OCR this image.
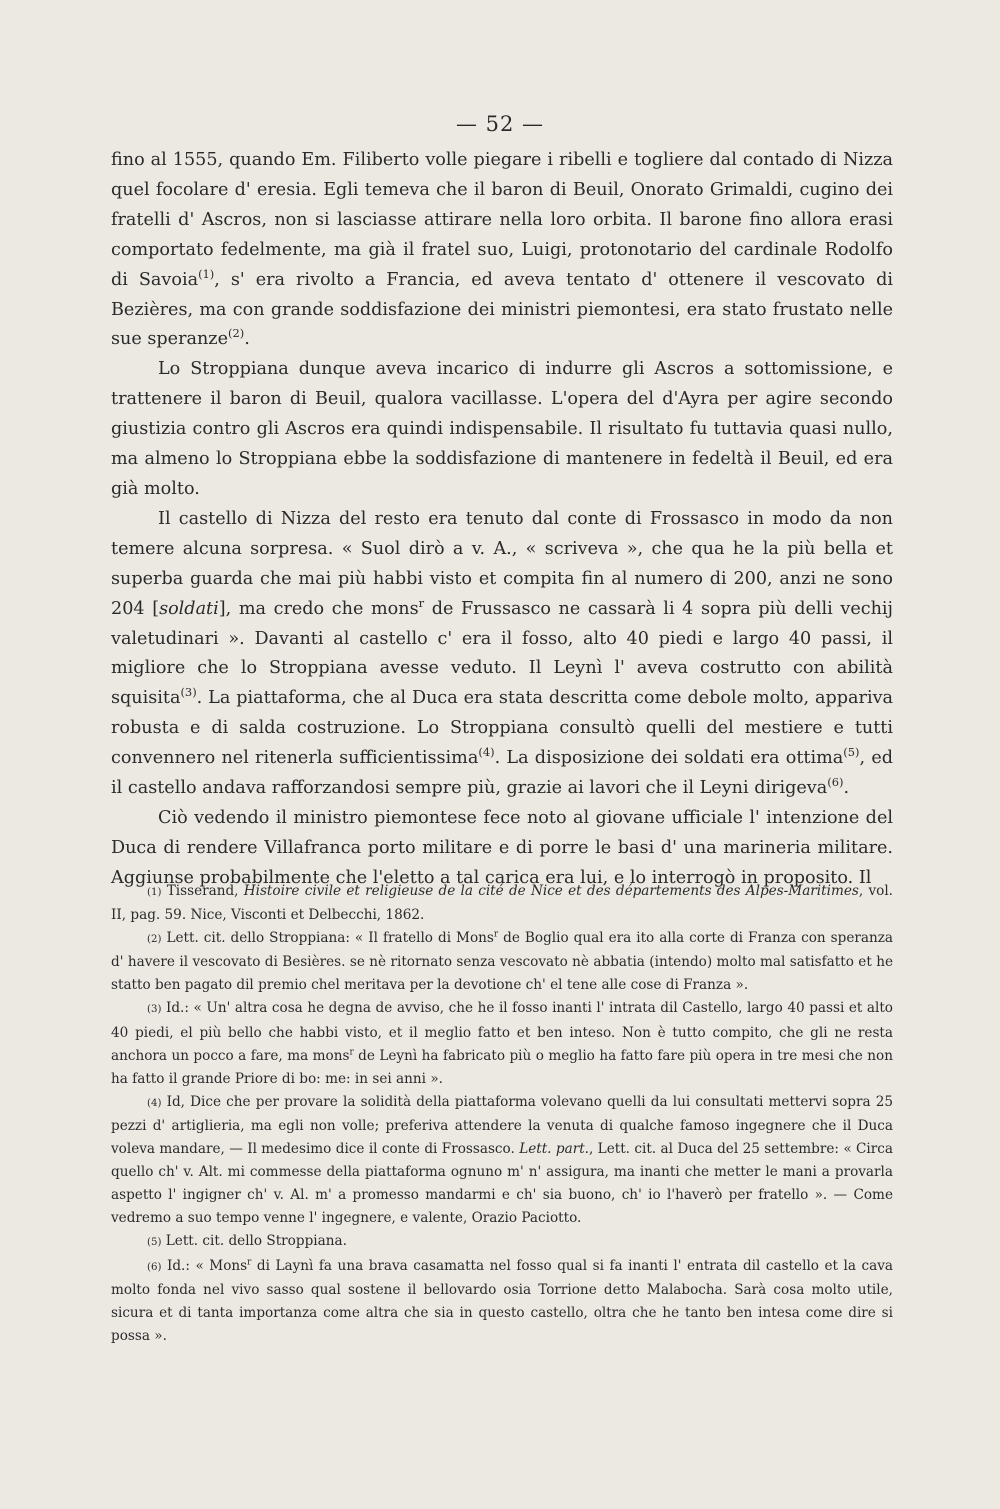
— 52 —

fino al 1555, quando Em. Filiberto volle piegare i ribelli e togliere dal contado di Nizza quel focolare d' eresia. Egli temeva che il baron di Beuil, Onorato Grimaldi, cugino dei fratelli d' Ascros, non si lasciasse attirare nella loro orbita. Il barone fino allora erasi comportato fedelmente, ma già il fratel suo, Luigi, protonotario del cardinale Rodolfo di Savoia$^{(1)}$, s' era rivolto a Francia, ed aveva tentato d' ottenere il vescovato di Bezières, ma con grande soddisfazione dei ministri piemontesi, era stato frustato nelle sue speranze$^{(2)}$.

Lo Stroppiana dunque aveva incarico di indurre gli Ascros a sottomissione, e trattenere il baron di Beuil, qualora vacillasse. L'opera del d'Ayra per agire secondo giustizia contro gli Ascros era quindi indispensabile. Il risultato fu tuttavia quasi nullo, ma almeno lo Stroppiana ebbe la soddisfazione di mantenere in fedeltà il Beuil, ed era già molto.

Il castello di Nizza del resto era tenuto dal conte di Frossasco in modo da non temere alcuna sorpresa. « Suol dirò a v. A., « scriveva », che qua he la più bella et superba guarda che mai più habbi visto et compita fin al numero di 200, anzi ne sono 204 [soldati], ma credo che mons$^r$ de Frussasco ne cassarà li 4 sopra più delli vechij valetudinari ». Davanti al castello c' era il fosso, alto 40 piedi e largo 40 passi, il migliore che lo Stroppiana avesse veduto. Il Leynì l' aveva costrutto con abilità squisita$^{(3)}$. La piattaforma, che al Duca era stata descritta come debole molto, appariva robusta e di salda costruzione. Lo Stroppiana consultò quelli del mestiere e tutti convennero nel ritenerla sufficientissima$^{(4)}$. La disposizione dei soldati era ottima$^{(5)}$, ed il castello andava rafforzandosi sempre più, grazie ai lavori che il Leyni dirigeva$^{(6)}$.

Ciò vedendo il ministro piemontese fece noto al giovane ufficiale l' intenzione del Duca di rendere Villafranca porto militare e di porre le basi d' una marineria militare. Aggiunse probabilmente che l'eletto a tal carica era lui, e lo interrogò in proposito. Il

(1) Tisserand, Histoire civile et religieuse de la cité de Nice et des départements des Alpes-Maritimes, vol. II, pag. 59. Nice, Visconti et Delbecchi, 1862.

(2) Lett. cit. dello Stroppiana: « Il fratello di Mons$^r$ de Boglio qual era ito alla corte di Franza con speranza d' havere il vescovato di Besières. se nè ritornato senza vescovato nè abbatia (intendo) molto mal satisfatto et he statto ben pagato dil premio chel meritava per la devotione ch' el tene alle cose di Franza ».

(3) Id.: « Un' altra cosa he degna de avviso, che he il fosso inanti l' intrata dil Castello, largo 40 passi et alto 40 piedi, el più bello che habbi visto, et il meglio fatto et ben inteso. Non è tutto compito, che gli ne resta anchora un pocco a fare, ma mons$^r$ de Leynì ha fabricato più o meglio ha fatto fare più opera in tre mesi che non ha fatto il grande Priore di bo: me: in sei anni ».

(4) Id, Dice che per provare la solidità della piattaforma volevano quelli da lui consultati mettervi sopra 25 pezzi d' artiglieria, ma egli non volle; preferiva attendere la venuta di qualche famoso ingegnere che il Duca voleva mandare, — Il medesimo dice il conte di Frossasco. Lett. part., Lett. cit. al Duca del 25 settembre: « Circa quello ch' v. Alt. mi commesse della piattaforma ognuno m' n' assigura, ma inanti che metter le mani a provarla aspetto l' ingigner ch' v. Al. m' a promesso mandarmi e ch' sia buono, ch' io l'haverò per fratello ». — Come vedremo a suo tempo venne l' ingegnere, e valente, Orazio Paciotto.

(5) Lett. cit. dello Stroppiana.

(6) Id.: « Mons$^r$ di Laynì fa una brava casamatta nel fosso qual si fa inanti l' entrata dil castello et la cava molto fonda nel vivo sasso qual sostene il bellovardo osia Torrione detto Malabocha. Sarà cosa molto utile, sicura et di tanta importanza come altra che sia in questo castello, oltra che he tanto ben intesa come dire si possa ».
